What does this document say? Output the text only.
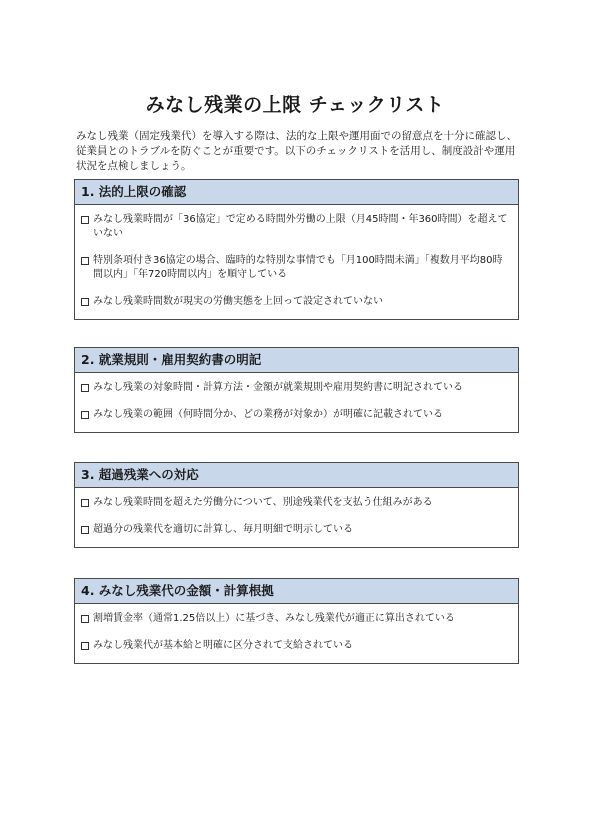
みなし残業の上限 チェックリスト

みなし残業（固定残業代）を導入する際は、法的な上限や運用面での留意点を十分に確認し、従業員とのトラブルを防ぐことが重要です。以下のチェックリストを活用し、制度設計や運用状況を点検しましょう。

1. 法的上限の確認
みなし残業時間が「36協定」で定める時間外労働の上限（月45時間・年360時間）を超えていない
特別条項付き36協定の場合、臨時的な特別な事情でも「月100時間未満」「複数月平均80時間以内」「年720時間以内」を順守している
みなし残業時間数が現実の労働実態を上回って設定されていない
2. 就業規則・雇用契約書の明記
みなし残業の対象時間・計算方法・金額が就業規則や雇用契約書に明記されている
みなし残業の範囲（何時間分か、どの業務が対象か）が明確に記載されている
3. 超過残業への対応
みなし残業時間を超えた労働分について、別途残業代を支払う仕組みがある
超過分の残業代を適切に計算し、毎月明細で明示している
4. みなし残業代の金額・計算根拠
割増賃金率（通常1.25倍以上）に基づき、みなし残業代が適正に算出されている
みなし残業代が基本給と明確に区分されて支給されている
